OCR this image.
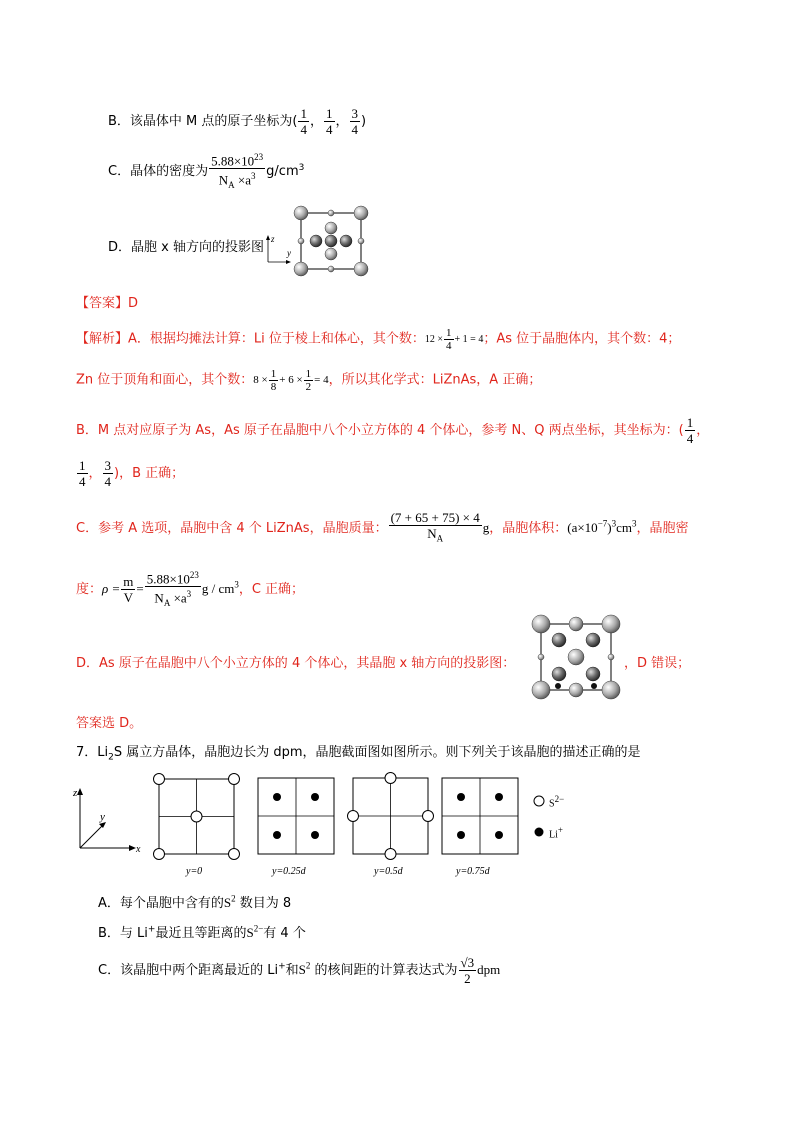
B．该晶体中 M 点的原子坐标为( $\frac{1}{4}$ ， $\frac{1}{4}$ ， $\frac{3}{4}$ )
C．晶体的密度为 $\frac{5.88\times 10^{23}}{N_A \times a^3} g/cm^3$
D．晶胞 x 轴方向的投影图
z
y
【答案】D
【解析】A．根据均摊法计算：Li 位于棱上和体心，其个数：$12 \times \frac{1}{4} + 1 = 4$；As 位于晶胞体内，其个数：4；
Zn 位于顶角和面心，其个数：$8 \times \frac{1}{8} + 6 \times \frac{1}{2} = 4$，所以其化学式：LiZnAs，A 正确；
B．M 点对应原子为 As，As 原子在晶胞中八个小立方体的 4 个体心，参考 N、Q 两点坐标，其坐标为：( $\frac{1}{4}$ ，
$\frac{1}{4}$ ， $\frac{3}{4}$ )，B 正确；
C．参考 A 选项，晶胞中含 4 个 LiZnAs，晶胞质量： $\frac{(7 + 65 + 75) \times 4}{N_A}$ g，晶胞体积：$(a\times 10^{-7})^3cm^3$，晶胞密
度：$\rho = \frac{m}{V} = \frac{5.88\times 10^{23}}{N_A \times a^3}$ g / $cm^3$，C 正确；
D．As 原子在晶胞中八个小立方体的 4 个体心，其晶胞 x 轴方向的投影图：	，D 错误；
答案选 D。
7．$Li_2S$ 属立方晶体，晶胞边长为 dpm，晶胞截面图如图所示。则下列关于该晶胞的描述正确的是
z
y
x
y=0	y=0.25d	y=0.5d	y=0.75d
$S^{2-}$
Li+
A．每个晶胞中含有的$S^2$ 数目为 8
B．与 Li+最近且等距离的$S^{2-}$有 4 个
C．该晶胞中两个距离最近的 Li+和$S^2$ 的核间距的计算表达式为 $\frac{√3}{2}$ dpm
